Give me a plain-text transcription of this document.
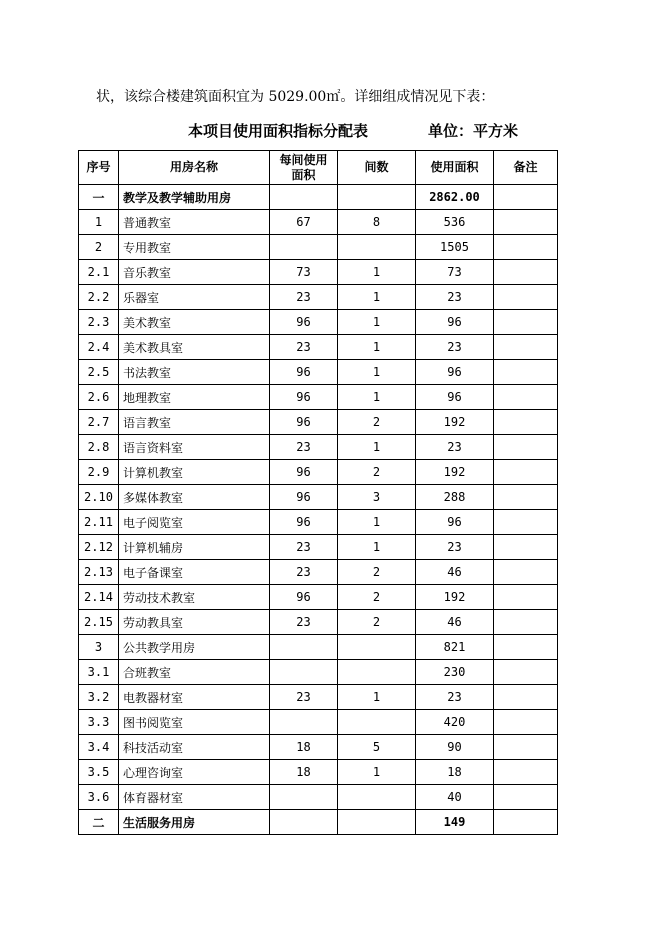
状，该综合楼建筑面积宜为 5029.00㎡。详细组成情况见下表：
本项目使用面积指标分配表	单位：平方米
序号	用房名称	每间使用面积	间数	使用面积	备注
一	教学及教学辅助用房			2862.00	
1	普通教室	67	8	536	
2	专用教室			1505	
2.1	音乐教室	73	1	73	
2.2	乐器室	23	1	23	
2.3	美术教室	96	1	96	
2.4	美术教具室	23	1	23	
2.5	书法教室	96	1	96	
2.6	地理教室	96	1	96	
2.7	语言教室	96	2	192	
2.8	语言资料室	23	1	23	
2.9	计算机教室	96	2	192	
2.10	多媒体教室	96	3	288	
2.11	电子阅览室	96	1	96	
2.12	计算机辅房	23	1	23	
2.13	电子备课室	23	2	46	
2.14	劳动技术教室	96	2	192	
2.15	劳动教具室	23	2	46	
3	公共教学用房			821	
3.1	合班教室			230	
3.2	电教器材室	23	1	23	
3.3	图书阅览室			420	
3.4	科技活动室	18	5	90	
3.5	心理咨询室	18	1	18	
3.6	体育器材室			40	
二	生活服务用房			149	
